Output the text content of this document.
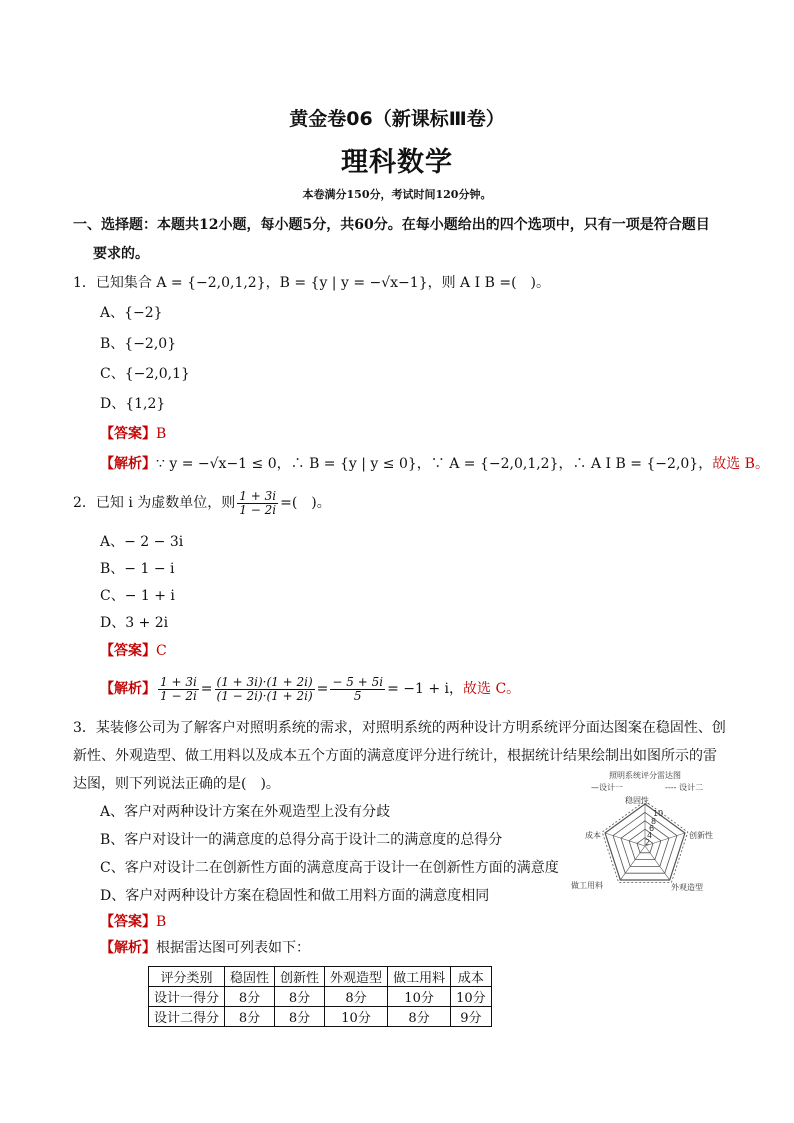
黄金卷06（新课标Ⅲ卷）
理科数学
本卷满分150分，考试时间120分钟。
一、选择题：本题共12小题，每小题5分，共60分。在每小题给出的四个选项中，只有一项是符合题目
要求的。
1．已知集合 A = {−2,0,1,2}，B = {y | y = −√x−1}，则 A I B =(　)。
A、{−2}
B、{−2,0}
C、{−2,0,1}
D、{1,2}
【答案】B
【解析】∵ y = −√x−1 ≤ 0，∴ B = {y | y ≤ 0}，∵ A = {−2,0,1,2}，∴ A I B = {−2,0}，故选 B。
2．已知 i 为虚数单位，则 $\frac{1 + 3i}{1 - 2i}$ =(　)。
A、− 2 − 3i
B、− 1 − i
C、− 1 + i
D、3 + 2i
【答案】C
【解析】 $\frac{1 + 3i}{1 - 2i} = \frac{(1 + 3i)\cdot(1 + 2i)}{(1 - 2i)\cdot(1 + 2i)} = \frac{- 5 + 5i}{5} = -1 + i$，故选 C。
3．某装修公司为了解客户对照明系统的需求，对照明系统的两种设计方明系统评分面达图案在稳固性、创
新性、外观造型、做工用料以及成本五个方面的满意度评分进行统计，根据统计结果绘制出如图所示的雷
达图，则下列说法正确的是(　)。
A、客户对两种设计方案在外观造型上没有分歧
B、客户对设计一的满意度的总得分高于设计二的满意度的总得分
C、客户对设计二在创新性方面的满意度高于设计一在创新性方面的满意度
D、客户对两种设计方案在稳固性和做工用料方面的满意度相同
【答案】B
【解析】根据雷达图可列表如下：
评分类别	稳固性	创新性	外观造型	做工用料	成本
设计一得分	8分	8分	8分	10分	10分
设计二得分	8分	8分	10分	8分	9分
照明系统评分雷达图
—设计一	---- 设计二
稳固性
创新性
外观造型
做工用料
成本
10
8
6
4
2
